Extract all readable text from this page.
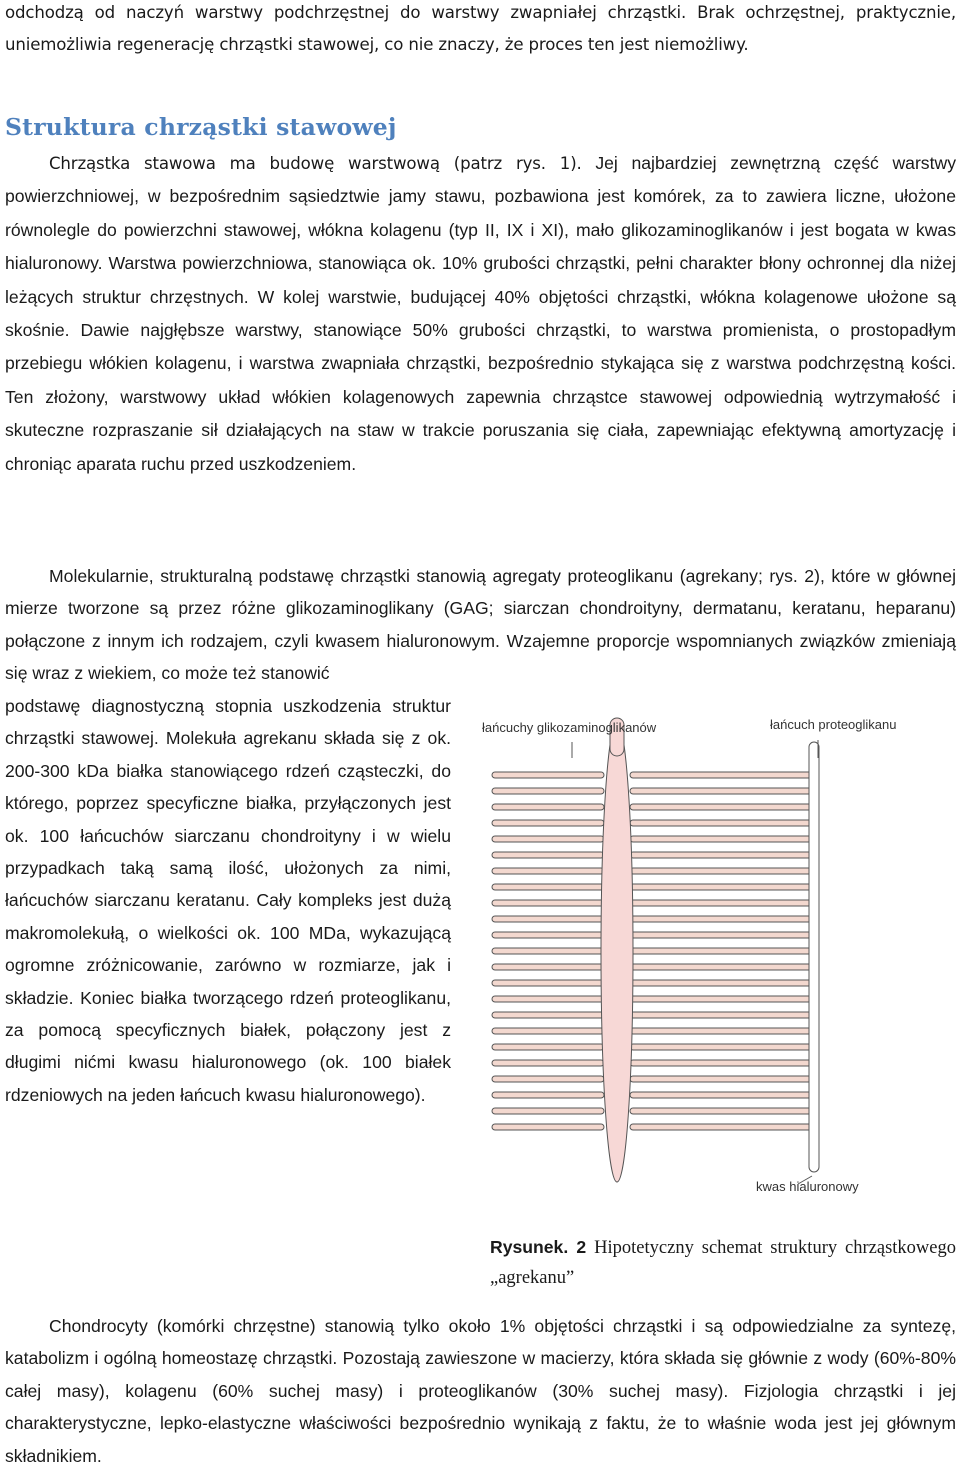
odchodzą od naczyń warstwy podchrzęstnej do warstwy zwapniałej chrząstki. Brak ochrzęstnej, praktycznie, uniemożliwia regenerację chrząstki stawowej, co nie znaczy, że proces ten jest niemożliwy.

Struktura chrząstki stawowej

Chrząstka stawowa ma budowę warstwową (patrz rys. 1). Jej najbardziej zewnętrzną część warstwy powierzchniowej, w bezpośrednim sąsiedztwie jamy stawu, pozbawiona jest komórek, za to zawiera liczne, ułożone równolegle do powierzchni stawowej, włókna kolagenu (typ II, IX i XI), mało glikozaminoglikanów i jest bogata w kwas hialuronowy. Warstwa powierzchniowa, stanowiąca ok. 10% grubości chrząstki, pełni charakter błony ochronnej dla niżej leżących struktur chrzęstnych. W kolej warstwie, budującej 40% objętości chrząstki, włókna kolagenowe ułożone są skośnie. Dawie najgłębsze warstwy, stanowiące 50% grubości chrząstki, to warstwa promienista, o prostopadłym przebiegu włókien kolagenu, i warstwa zwapniała chrząstki, bezpośrednio stykająca się z warstwa podchrzęstną kości. Ten złożony, warstwowy układ włókien kolagenowych zapewnia chrząstce stawowej odpowiednią wytrzymałość i skuteczne rozpraszanie sił działających na staw w trakcie poruszania się ciała, zapewniając efektywną amortyzację i chroniąc aparata ruchu przed uszkodzeniem.

Molekularnie, strukturalną podstawę chrząstki stanowią agregaty proteoglikanu (agrekany; rys. 2), które w głównej mierze tworzone są przez różne glikozaminoglikany (GAG; siarczan chondroityny, dermatanu, keratanu, heparanu) połączone z innym ich rodzajem, czyli kwasem hialuronowym. Wzajemne proporcje wspomnianych związków zmieniają się wraz z wiekiem, co może też stanowić

podstawę diagnostyczną stopnia uszkodzenia struktur chrząstki stawowej. Molekuła agrekanu składa się z ok. 200-300 kDa białka stanowiącego rdzeń cząsteczki, do którego, poprzez specyficzne białka, przyłączonych jest ok. 100 łańcuchów siarczanu chondroityny i w wielu przypadkach taką samą ilość, ułożonych za nimi, łańcuchów siarczanu keratanu. Cały kompleks jest dużą makromolekułą, o wielkości ok. 100 MDa, wykazującą ogromne zróżnicowanie, zarówno w rozmiarze, jak i składzie. Koniec białka tworzącego rdzeń proteoglikanu, za pomocą specyficznych białek, połączony jest z długimi nićmi kwasu hialuronowego (ok. 100 białek rdzeniowych na jeden łańcuch kwasu hialuronowego).

Chondrocyty (komórki chrzęstne) stanowią tylko około 1% objętości chrząstki i są odpowiedzialne za syntezę, katabolizm i ogólną homeostazę chrząstki. Pozostają zawieszone w macierzy, która składa się głównie z wody (60%-80% całej masy), kolagenu (60% suchej masy) i proteoglikanów (30% suchej masy). Fizjologia chrząstki i jej charakterystyczne, lepko-elastyczne właściwości bezpośrednio wynikają z faktu, że to właśnie woda jest jej głównym składnikiem.

łańcuchy glikozaminoglikanów	łańcuch proteoglikanu
kwas hialuronowy

Rysunek. 2 Hipotetyczny schemat struktury chrząstkowego „agrekanu”
